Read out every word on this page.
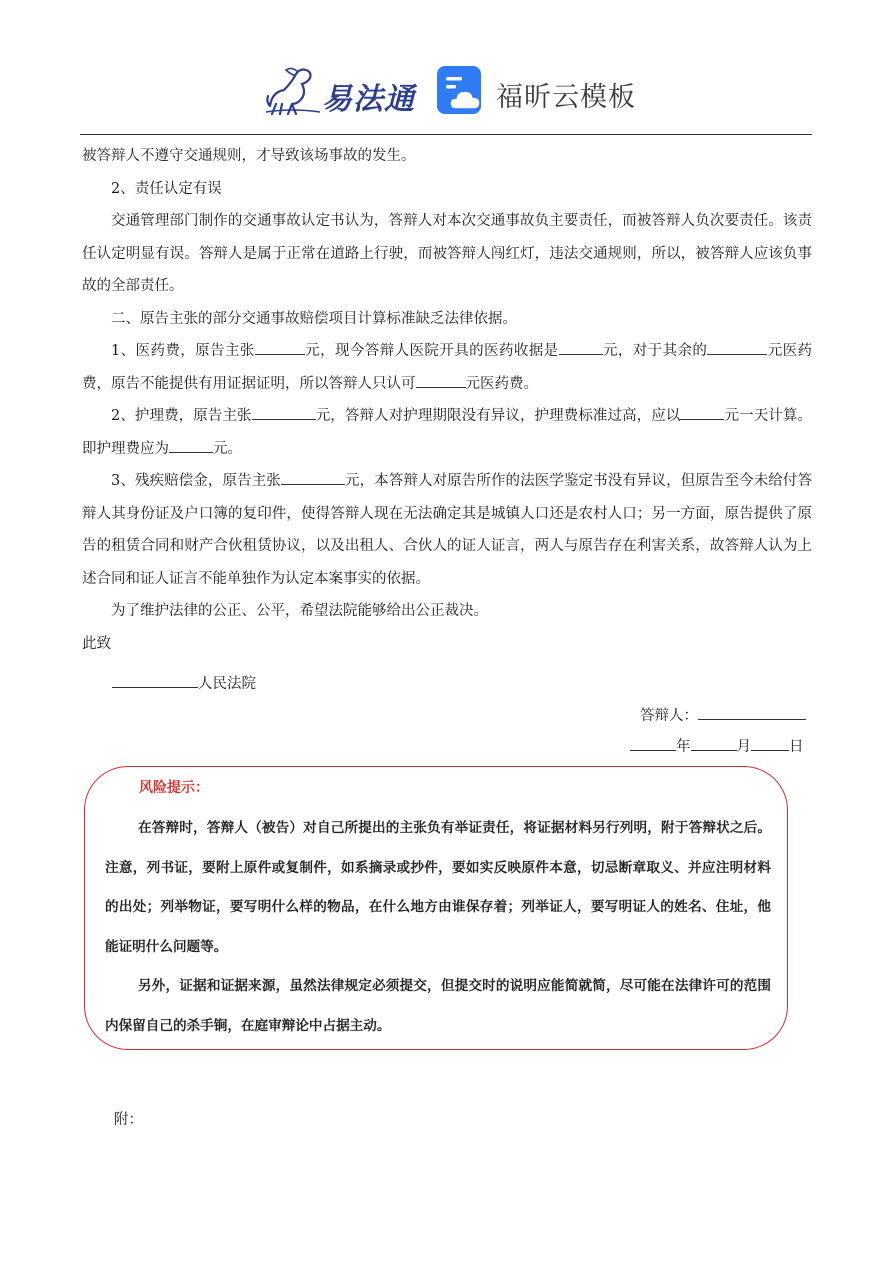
易法通	福昕云模板

被答辩人不遵守交通规则，才导致该场事故的发生。

2、责任认定有误

交通管理部门制作的交通事故认定书认为，答辩人对本次交通事故负主要责任，而被答辩人负次要责任。该责任认定明显有误。答辩人是属于正常在道路上行驶，而被答辩人闯红灯，违法交通规则，所以，被答辩人应该负事故的全部责任。

二、原告主张的部分交通事故赔偿项目计算标准缺乏法律依据。

1、医药费，原告主张	元，现今答辩人医院开具的医药收据是	元，对于其余的	元医药费，原告不能提供有用证据证明，所以答辩人只认可	元医药费。

2、护理费，原告主张	元，答辩人对护理期限没有异议，护理费标准过高，应以	元一天计算。即护理费应为	元。

3、残疾赔偿金，原告主张	元，本答辩人对原告所作的法医学鉴定书没有异议，但原告至今未给付答辩人其身份证及户口簿的复印件，使得答辩人现在无法确定其是城镇人口还是农村人口；另一方面，原告提供了原告的租赁合同和财产合伙租赁协议，以及出租人、合伙人的证人证言，两人与原告存在利害关系，故答辩人认为上述合同和证人证言不能单独作为认定本案事实的依据。

为了维护法律的公正、公平，希望法院能够给出公正裁决。

此致

人民法院
答辩人：
年	月	日
风险提示：

在答辩时，答辩人（被告）对自己所提出的主张负有举证责任，将证据材料另行列明，附于答辩状之后。注意，列书证，要附上原件或复制件，如系摘录或抄件，要如实反映原件本意，切忌断章取义、并应注明材料的出处；列举物证，要写明什么样的物品，在什么地方由谁保存着；列举证人，要写明证人的姓名、住址，他能证明什么问题等。

另外，证据和证据来源，虽然法律规定必须提交，但提交时的说明应能简就简，尽可能在法律许可的范围内保留自己的杀手锏，在庭审辩论中占据主动。

附：
